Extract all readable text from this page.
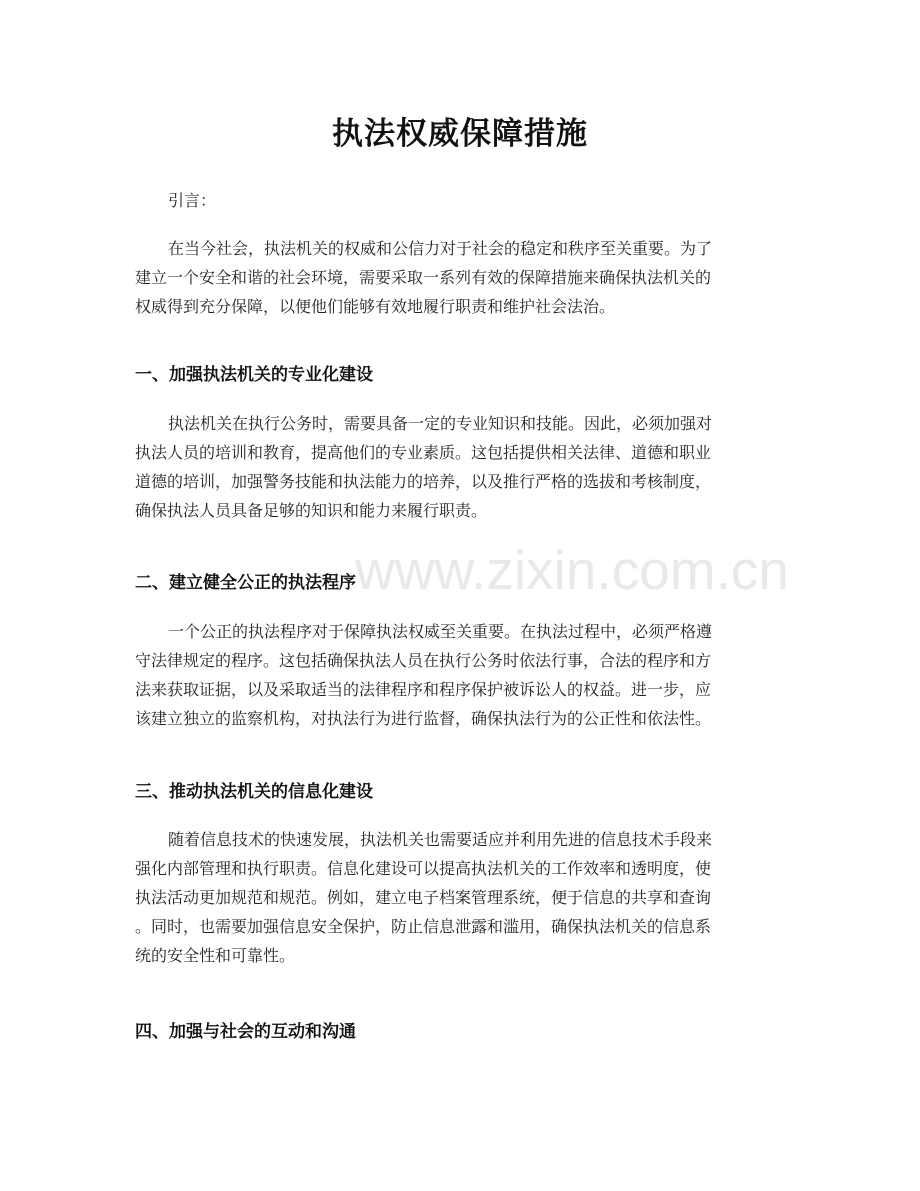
www.zixin.com.cn
执法权威保障措施
引言：
在当今社会，执法机关的权威和公信力对于社会的稳定和秩序至关重要。为了
建立一个安全和谐的社会环境，需要采取一系列有效的保障措施来确保执法机关的
权威得到充分保障，以便他们能够有效地履行职责和维护社会法治。
一、加强执法机关的专业化建设
执法机关在执行公务时，需要具备一定的专业知识和技能。因此，必须加强对
执法人员的培训和教育，提高他们的专业素质。这包括提供相关法律、道德和职业
道德的培训，加强警务技能和执法能力的培养，以及推行严格的选拔和考核制度，
确保执法人员具备足够的知识和能力来履行职责。
二、建立健全公正的执法程序
一个公正的执法程序对于保障执法权威至关重要。在执法过程中，必须严格遵
守法律规定的程序。这包括确保执法人员在执行公务时依法行事，合法的程序和方
法来获取证据，以及采取适当的法律程序和程序保护被诉讼人的权益。进一步，应
该建立独立的监察机构，对执法行为进行监督，确保执法行为的公正性和依法性。
三、推动执法机关的信息化建设
随着信息技术的快速发展，执法机关也需要适应并利用先进的信息技术手段来
强化内部管理和执行职责。信息化建设可以提高执法机关的工作效率和透明度，使
执法活动更加规范和规范。例如，建立电子档案管理系统，便于信息的共享和查询
。同时，也需要加强信息安全保护，防止信息泄露和滥用，确保执法机关的信息系
统的安全性和可靠性。
四、加强与社会的互动和沟通
